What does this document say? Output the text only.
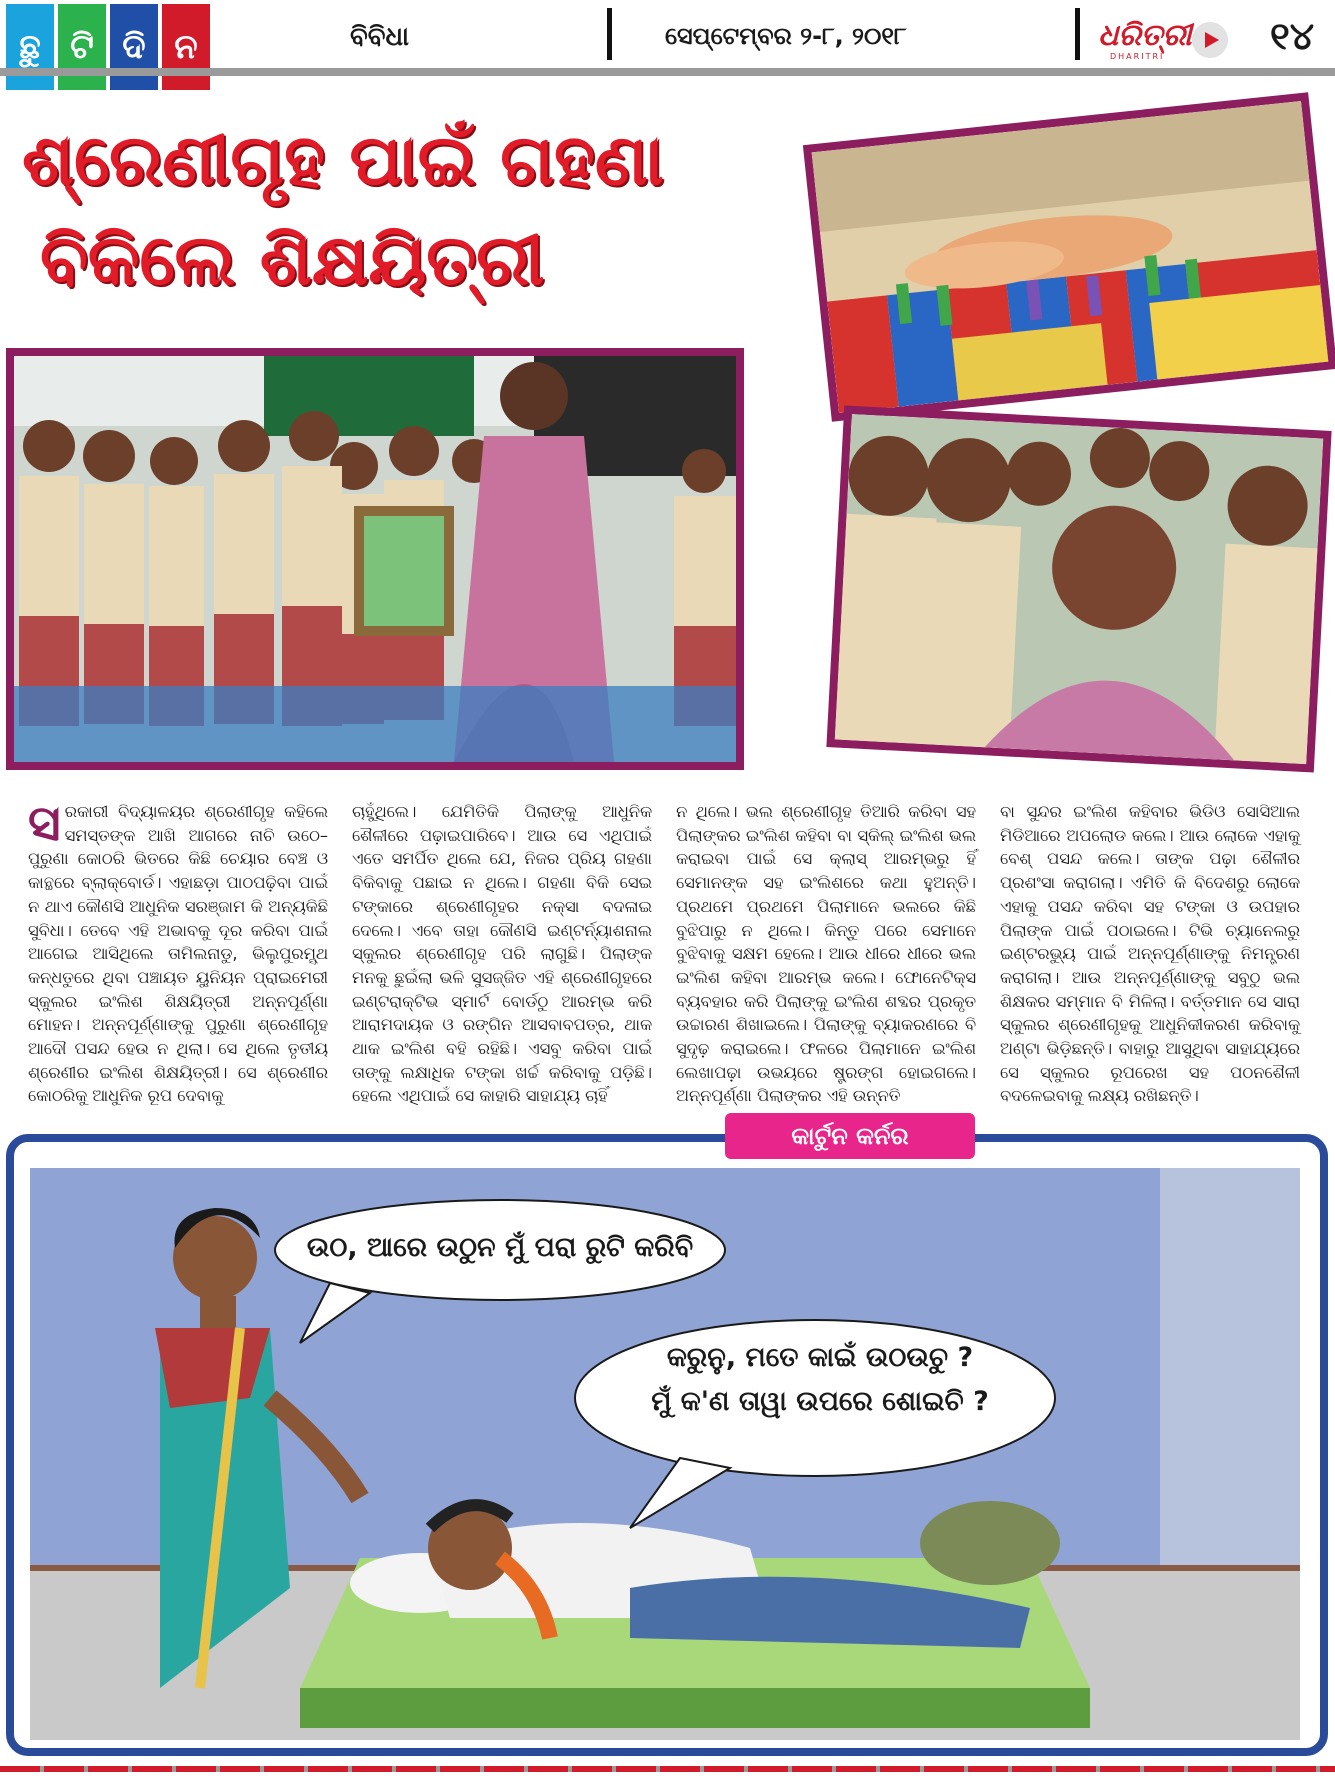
ଛୁ ଟି ଦି ନ	ବିବିଧା	ସେପ୍ଟେମ୍ବର ୨-୮, ୨୦୧୮	ଧରିତ୍ରୀ
DHARITRI	୧୪
ଶ୍ରେଣୀଗୃହ ପାଇଁ ଗହଣା
ବିକିଲେ ଶିକ୍ଷୟିତ୍ରୀ
ସରକାରୀ ବିଦ୍ୟାଳୟର ଶ୍ରେଣୀଗୃହ କହିଲେ ସମସ୍ତଙ୍କ ଆଖି ଆଗରେ ନାଚି ଉଠେ– ପୁରୁଣା କୋଠରି ଭିତରେ କିଛି ଚେୟାର ବେଞ୍ଚ ଓ କାନ୍ଥରେ ବ୍ଲାକ୍‌ବୋର୍ଡ। ଏହାଛଡ଼ା ପାଠପଢ଼ିବା ପାଇଁ ନ ଥାଏ କୌଣସି ଆଧୁନିକ ସରଞ୍ଜାମ କି ଅନ୍ୟକିଛି ସୁବିଧା। ତେବେ ଏହି ଅଭାବକୁ ଦୂର କରିବା ପାଇଁ ଆଗେଇ ଆସିଥିଲେ ତାମିଲନାଡୁ, ଭିଲୁପୁରମ୍ସ୍ଥ କନ୍ଧତୁରେ ଥିବା ପଞ୍ଚାୟତ ୟୁନିୟନ ପ୍ରାଇମେରୀ ସ୍କୁଲର ଇଂଲିଶ ଶିକ୍ଷୟିତ୍ରୀ ଅନ୍ନପୂର୍ଣ୍ଣା ମୋହନ। ଅନ୍ନପୂର୍ଣ୍ଣାଙ୍କୁ ପୁରୁଣା ଶ୍ରେଣୀଗୃହ ଆଦୌ ପସନ୍ଦ ହେଉ ନ ଥିଲା। ସେ ଥିଲେ ତୃତୀୟ ଶ୍ରେଣୀର ଇଂଲିଶ ଶିକ୍ଷୟିତ୍ରୀ। ସେ ଶ୍ରେଣୀର କୋଠରିକୁ ଆଧୁନିକ ରୂପ ଦେବାକୁ
ଚାହୁଁଥିଲେ। ଯେମିତିକି ପିଲାଙ୍କୁ ଆଧୁନିକ ଶୈଳୀରେ ପଢ଼ାଇପାରିବେ। ଆଉ ସେ ଏଥିପାଇଁ ଏତେ ସମର୍ପିତ ଥିଲେ ଯେ, ନିଜର ପ୍ରିୟ ଗହଣା ବିକିବାକୁ ପଛାଇ ନ ଥିଲେ। ଗହଣା ବିକି ସେଇ ଟଙ୍କାରେ ଶ୍ରେଣୀଗୃହର ନକ୍ସା ବଦଳାଇ ଦେଲେ। ଏବେ ତାହା କୌଣସି ଇଣ୍ଟର୍ନ୍ୟାଶନାଲ ସ୍କୁଲର ଶ୍ରେଣୀଗୃହ ପରି ଲାଗୁଛି। ପିଲାଙ୍କ ମନକୁ ଛୁଇଁଲା ଭଳି ସୁସଜ୍ଜିତ ଏହି ଶ୍ରେଣୀଗୃହରେ ଇଣ୍ଟରାକ୍ଟିଭ ସ୍ମାର୍ଟ ବୋର୍ଡଠୁ ଆରମ୍ଭ କରି ଆରାମଦାୟକ ଓ ରଙ୍ଗିନ ଆସବାବପତ୍ର, ଥାକ ଥାକ ଇଂଲିଶ ବହି ରହିଛି। ଏସବୁ କରିବା ପାଇଁ ତାଙ୍କୁ ଲକ୍ଷାଧିକ ଟଙ୍କା ଖର୍ଚ୍ଚ କରିବାକୁ ପଡ଼ିଛି। ହେଲେ ଏଥିପାଇଁ ସେ କାହାରି ସାହାଯ୍ୟ ଚାହିଁ
ନ ଥିଲେ। ଭଲ ଶ୍ରେଣୀଗୃହ ତିଆରି କରିବା ସହ ପିଲାଙ୍କର ଇଂଲିଶ କହିବା ବା ସ୍କିଲ୍ ଇଂଲିଶ ଭଲ କରାଇବା ପାଇଁ ସେ କ୍ଲାସ୍ ଆରମ୍ଭରୁ ହିଁ ସେମାନଙ୍କ ସହ ଇଂଲିଶରେ କଥା ହୁଅନ୍ତି। ପ୍ରଥମେ ପ୍ରଥମେ ପିଲାମାନେ ଭଲରେ କିଛି ବୁଝିପାରୁ ନ ଥିଲେ। କିନ୍ତୁ ପରେ ସେମାନେ ବୁଝିବାକୁ ସକ୍ଷମ ହେଲେ। ଆଉ ଧୀରେ ଧୀରେ ଭଲ ଇଂଲିଶ କହିବା ଆରମ୍ଭ କଲେ। ଫୋନେଟିକ୍ସ ବ୍ୟବହାର କରି ପିଲାଙ୍କୁ ଇଂଲିଶ ଶବ୍ଦର ପ୍ରକୃତ ଉଚ୍ଚାରଣ ଶିଖାଇଲେ। ପିଲାଙ୍କୁ ବ୍ୟାକରଣରେ ବି ସୁଦୃଢ଼ କରାଇଲେ। ଫଳରେ ପିଲାମାନେ ଇଂଲିଶ ଲେଖାପଢ଼ା ଉଭୟରେ ଷ୍ଟ୍ରଙ୍ଗ ହୋଇଗଲେ। ଅନ୍ନପୂର୍ଣ୍ଣା ପିଲାଙ୍କର ଏହି ଉନ୍ନତି
ବା ସୁନ୍ଦର ଇଂଲିଶ କହିବାର ଭିଡିଓ ସୋସିଆଲ ମିଡିଆରେ ଅପଲୋଡ କଲେ। ଆଉ ଲୋକେ ଏହାକୁ ବେଶ୍ ପସନ୍ଦ କଲେ। ତାଙ୍କ ପଢ଼ା ଶୈଳୀର ପ୍ରଶଂସା କରାଗଲା। ଏମିତି କି ବିଦେଶରୁ ଲୋକେ ଏହାକୁ ପସନ୍ଦ କରିବା ସହ ଟଙ୍କା ଓ ଉପହାର ପିଲାଙ୍କ ପାଇଁ ପଠାଇଲେ। ଟିଭି ଚ୍ୟାନେଲରୁ ଇଣ୍ଟରଭ୍ୟୁ ପାଇଁ ଅନ୍ନପୂର୍ଣ୍ଣାଙ୍କୁ ନିମନ୍ତ୍ରଣ କରାଗଲା। ଆଉ ଅନ୍ନପୂର୍ଣ୍ଣାଙ୍କୁ ସବୁଠୁ ଭଲ ଶିକ୍ଷକର ସମ୍ମାନ ବି ମିଳିଲା। ବର୍ତ୍ତମାନ ସେ ସାରା ସ୍କୁଲର ଶ୍ରେଣୀଗୃହକୁ ଆଧୁନିକୀକରଣ କରିବାକୁ ଅଣ୍ଟା ଭିଡ଼ିଛନ୍ତି। ବାହାରୁ ଆସୁଥିବା ସାହାଯ୍ୟରେ ସେ ସ୍କୁଲର ରୂପରେଖ ସହ ପଠନଶୈଳୀ ବଦଳେଇବାକୁ ଲକ୍ଷ୍ୟ ରଖିଛନ୍ତି।
ଉଠ, ଆରେ ଉଠୁନ ମୁଁ ପରା ରୁଟି କରିବି
କରୁନୁ, ମତେ କାଇଁ ଉଠଉଚୁ ?
ମୁଁ କ'ଣ ତାୱା ଉପରେ ଶୋଇଚି ?
କାର୍ଟୁନ କର୍ନର
